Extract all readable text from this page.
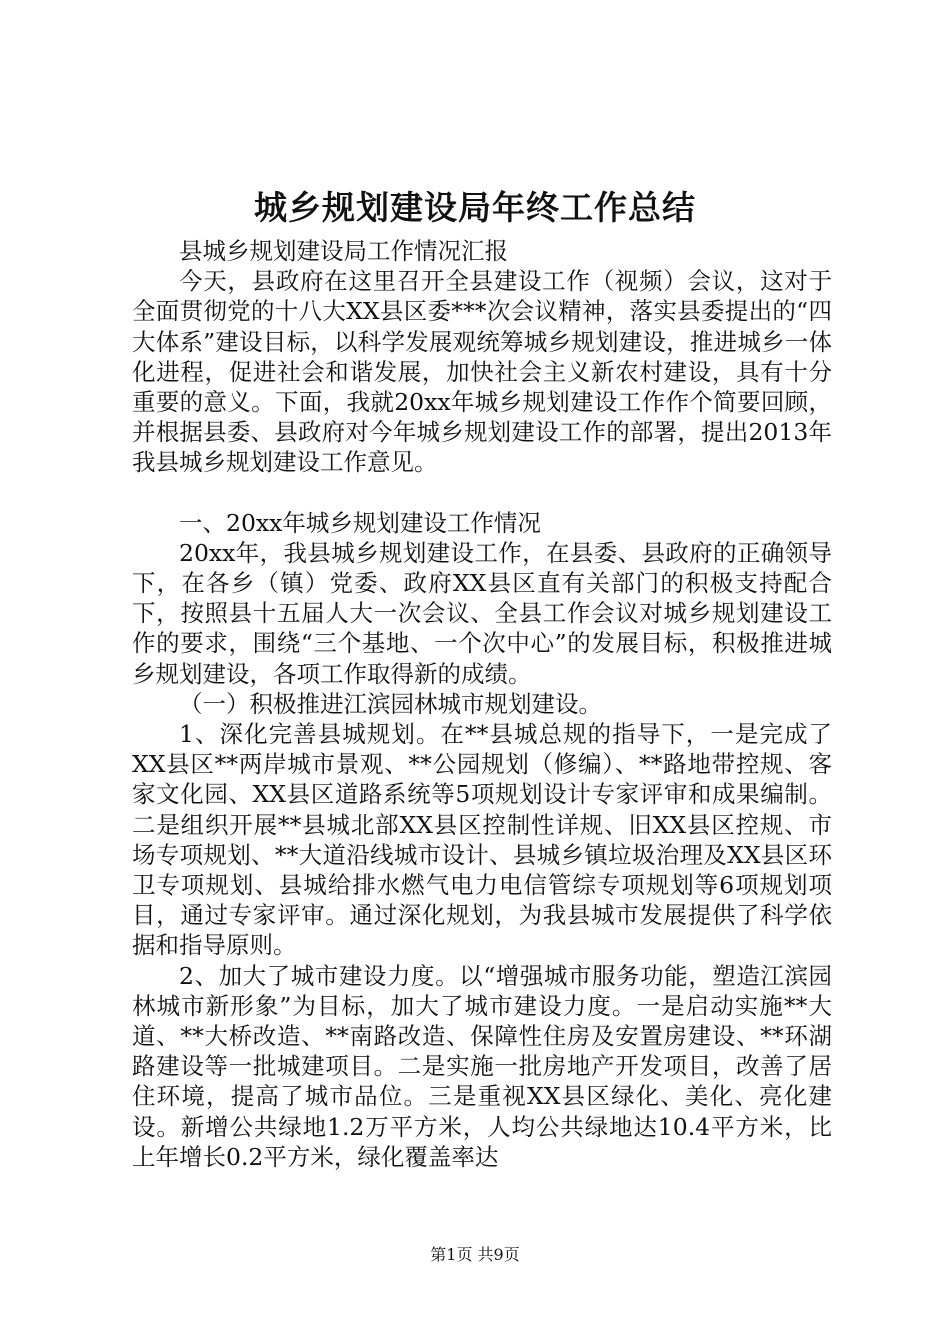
城乡规划建设局年终工作总结

县城乡规划建设局工作情况汇报

今天，县政府在这里召开全县建设工作（视频）会议，这对于全面贯彻党的十八大XX县区委***次会议精神，落实县委提出的“四大体系”建设目标，以科学发展观统筹城乡规划建设，推进城乡一体化进程，促进社会和谐发展，加快社会主义新农村建设，具有十分重要的意义。下面，我就20xx年城乡规划建设工作作个简要回顾，并根据县委、县政府对今年城乡规划建设工作的部署，提出2013年我县城乡规划建设工作意见。

一、20xx年城乡规划建设工作情况

20xx年，我县城乡规划建设工作，在县委、县政府的正确领导下，在各乡（镇）党委、政府XX县区直有关部门的积极支持配合下，按照县十五届人大一次会议、全县工作会议对城乡规划建设工作的要求，围绕“三个基地、一个次中心”的发展目标，积极推进城乡规划建设，各项工作取得新的成绩。

（一）积极推进江滨园林城市规划建设。

1、深化完善县城规划。在**县城总规的指导下，一是完成了XX县区**两岸城市景观、**公园规划（修编）、**路地带控规、客家文化园、XX县区道路系统等5项规划设计专家评审和成果编制。二是组织开展**县城北部XX县区控制性详规、旧XX县区控规、市场专项规划、**大道沿线城市设计、县城乡镇垃圾治理及XX县区环卫专项规划、县城给排水燃气电力电信管综专项规划等6项规划项目，通过专家评审。通过深化规划，为我县城市发展提供了科学依据和指导原则。

2、加大了城市建设力度。以“增强城市服务功能，塑造江滨园林城市新形象”为目标，加大了城市建设力度。一是启动实施**大道、**大桥改造、**南路改造、保障性住房及安置房建设、**环湖路建设等一批城建项目。二是实施一批房地产开发项目，改善了居住环境，提高了城市品位。三是重视XX县区绿化、美化、亮化建设。新增公共绿地1.2万平方米，人均公共绿地达10.4平方米，比上年增长0.2平方米，绿化覆盖率达

第1页 共9页
